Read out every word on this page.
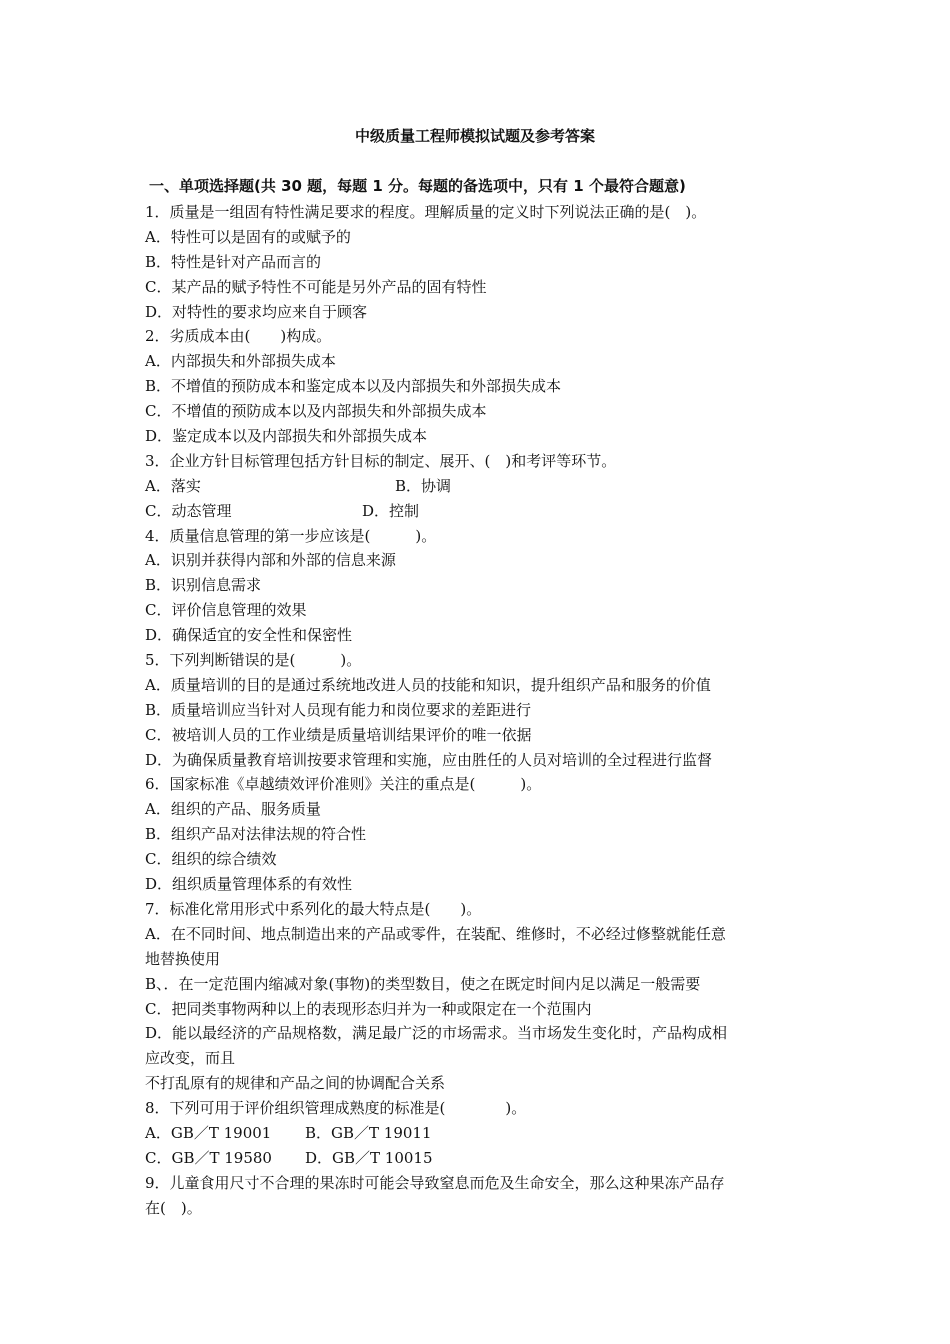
中级质量工程师模拟试题及参考答案
一、单项选择题(共 30 题，每题 1 分。每题的备选项中，只有 1 个最符合题意)
1．质量是一组固有特性满足要求的程度。理解质量的定义时下列说法正确的是(　)。
A．特性可以是固有的或赋予的
B．特性是针对产品而言的
C．某产品的赋予特性不可能是另外产品的固有特性
D．对特性的要求均应来自于顾客
2．劣质成本由(　　)构成。
A．内部损失和外部损失成本
B．不增值的预防成本和鉴定成本以及内部损失和外部损失成本
C．不增值的预防成本以及内部损失和外部损失成本
D．鉴定成本以及内部损失和外部损失成本
3．企业方针目标管理包括方针目标的制定、展开、(　)和考评等环节。
A．落实	B．协调
C．动态管理	D．控制
4．质量信息管理的第一步应该是(　　　)。
A．识别并获得内部和外部的信息来源
B．识别信息需求
C．评价信息管理的效果
D．确保适宜的安全性和保密性
5．下列判断错误的是(　　　)。
A．质量培训的目的是通过系统地改进人员的技能和知识，提升组织产品和服务的价值
B．质量培训应当针对人员现有能力和岗位要求的差距进行
C．被培训人员的工作业绩是质量培训结果评价的唯一依据
D．为确保质量教育培训按要求管理和实施，应由胜任的人员对培训的全过程进行监督
6．国家标准《卓越绩效评价准则》关注的重点是(　　　)。
A．组织的产品、服务质量
B．组织产品对法律法规的符合性
C．组织的综合绩效
D．组织质量管理体系的有效性
7．标准化常用形式中系列化的最大特点是(　　)。
A．在不同时间、地点制造出来的产品或零件，在装配、维修时，不必经过修整就能任意
地替换使用
B、．在一定范围内缩减对象(事物)的类型数目，使之在既定时间内足以满足一般需要
C．把同类事物两种以上的表现形态归并为一种或限定在一个范围内
D．能以最经济的产品规格数，满足最广泛的市场需求。当市场发生变化时，产品构成相
应改变，而且
不打乱原有的规律和产品之间的协调配合关系
8．下列可用于评价组织管理成熟度的标准是(　　　　)。
A．GB／T 19001	B．GB／T 19011
C．GB／T 19580	D．GB／T 10015
9．儿童食用尺寸不合理的果冻时可能会导致窒息而危及生命安全，那么这种果冻产品存
在(　)。
